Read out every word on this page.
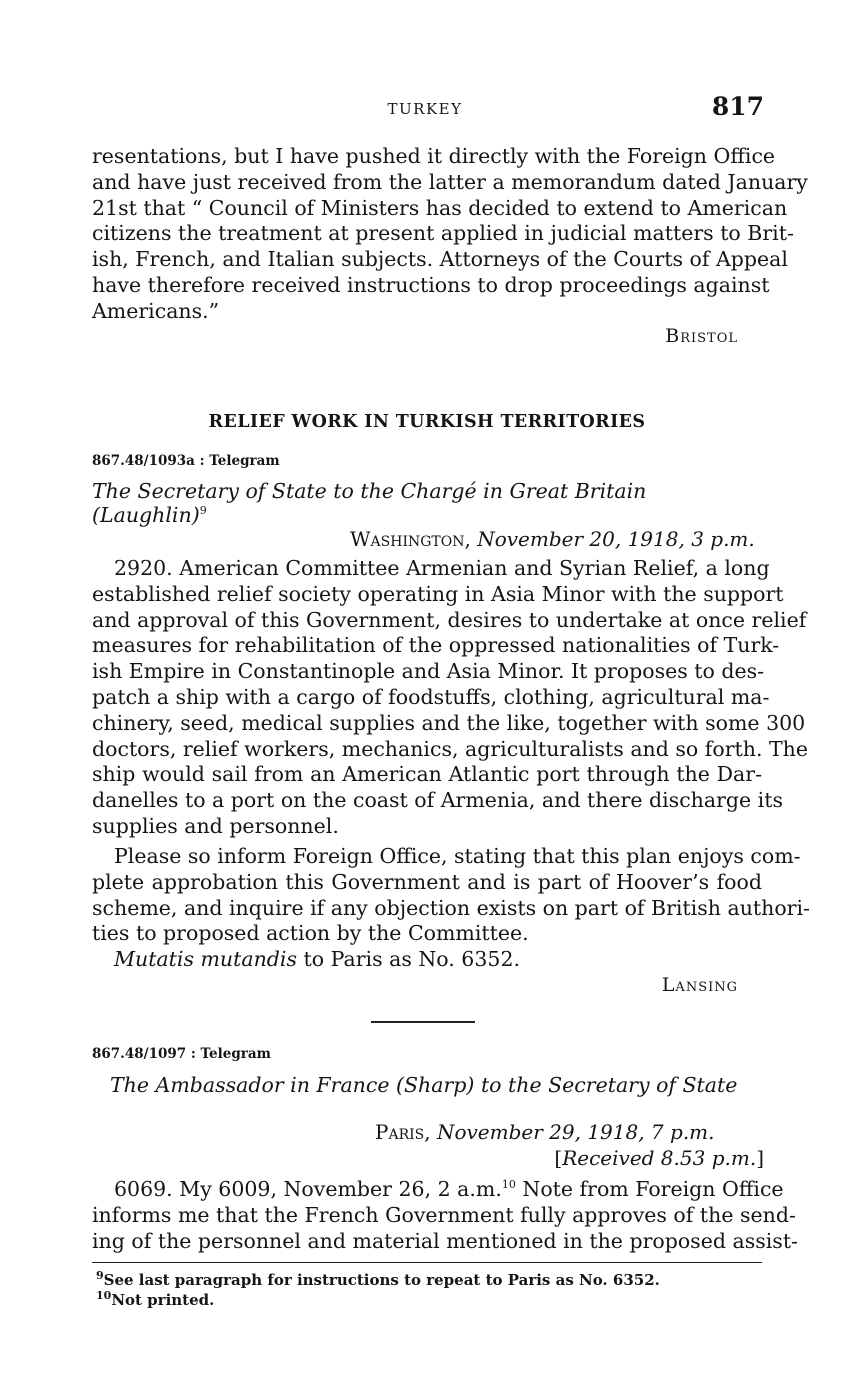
TURKEY	817
resentations, but I have pushed it directly with the Foreign Office
and have just received from the latter a memorandum dated January
21st that “ Council of Ministers has decided to extend to American
citizens the treatment at present applied in judicial matters to Brit-
ish, French, and Italian subjects. Attorneys of the Courts of Appeal
have therefore received instructions to drop proceedings against
Americans.”
Bristol
RELIEF WORK IN TURKISH TERRITORIES
867.48/1093a : Telegram
The Secretary of State to the Chargé in Great Britain (Laughlin)$^9$
Washington, November 20, 1918, 3 p.m.
2920. American Committee Armenian and Syrian Relief, a long
established relief society operating in Asia Minor with the support
and approval of this Government, desires to undertake at once relief
measures for rehabilitation of the oppressed nationalities of Turk-
ish Empire in Constantinople and Asia Minor. It proposes to des-
patch a ship with a cargo of foodstuffs, clothing, agricultural ma-
chinery, seed, medical supplies and the like, together with some 300
doctors, relief workers, mechanics, agriculturalists and so forth. The
ship would sail from an American Atlantic port through the Dar-
danelles to a port on the coast of Armenia, and there discharge its
supplies and personnel.
Please so inform Foreign Office, stating that this plan enjoys com-
plete approbation this Government and is part of Hoover’s food
scheme, and inquire if any objection exists on part of British authori-
ties to proposed action by the Committee.
Mutatis mutandis to Paris as No. 6352.
Lansing
867.48/1097 : Telegram
The Ambassador in France (Sharp) to the Secretary of State
Paris, November 29, 1918, 7 p.m.
[Received 8.53 p.m.]
6069. My 6009, November 26, 2 a.m.$^{10}$ Note from Foreign Office
informs me that the French Government fully approves of the send-
ing of the personnel and material mentioned in the proposed assist-
$^9$See last paragraph for instructions to repeat to Paris as No. 6352.
$^{10}$Not printed.
